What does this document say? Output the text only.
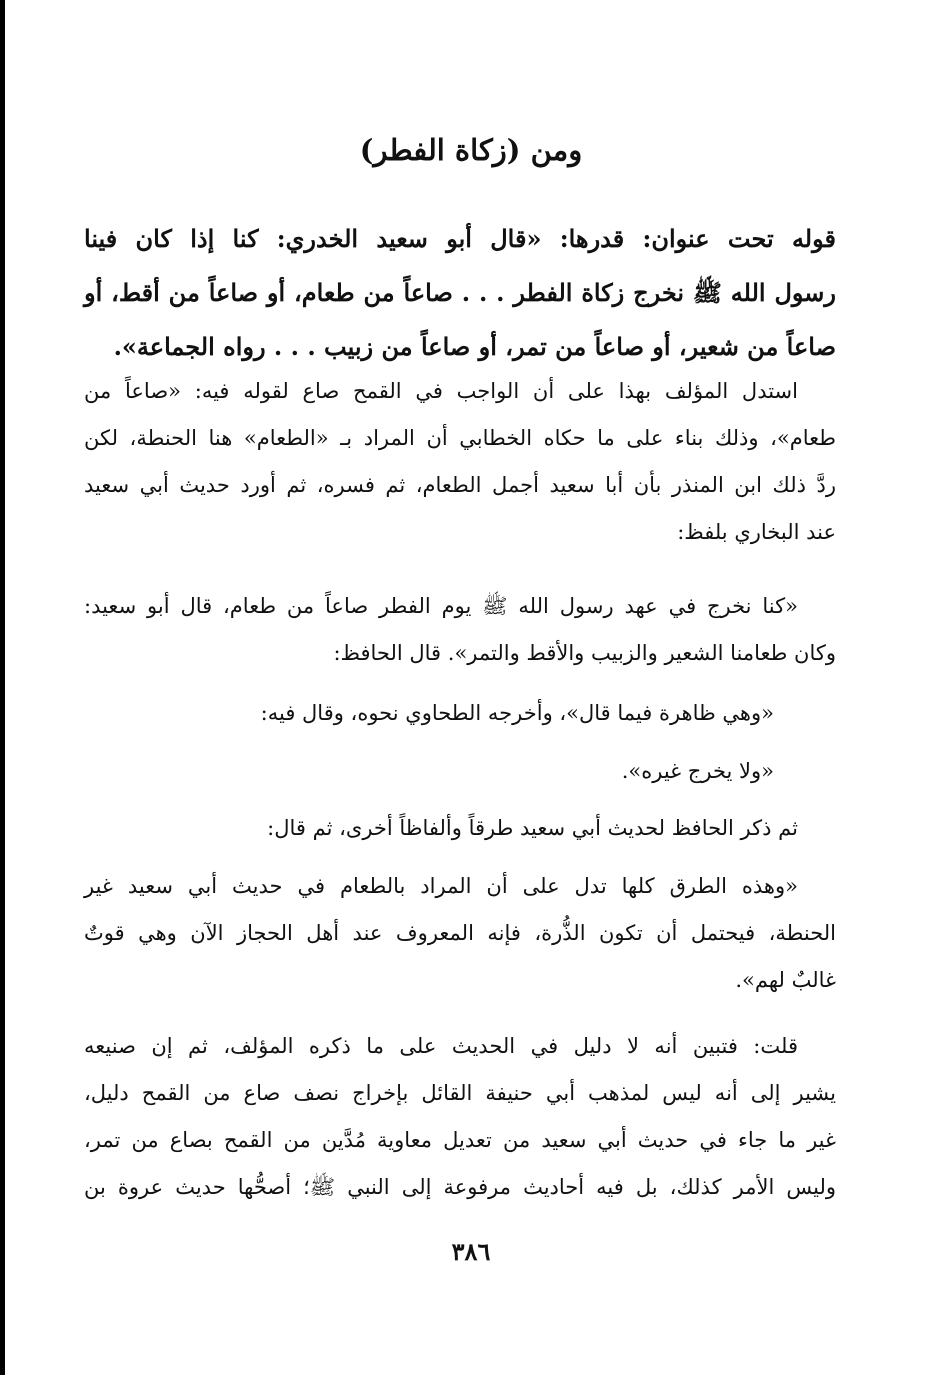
ومن (زكاة الفطر)
قوله تحت عنوان: قدرها: «قال أبو سعيد الخدري: كنا إذا كان فينا
رسول الله ﷺ نخرج زكاة الفطر . . . صاعاً من طعام، أو صاعاً من أقط، أو
صاعاً من شعير، أو صاعاً من تمر، أو صاعاً من زبيب . . . رواه الجماعة».
استدل المؤلف بهذا على أن الواجب في القمح صاع لقوله فيه: «صاعاً من
طعام»، وذلك بناء على ما حكاه الخطابي أن المراد بـ «الطعام» هنا الحنطة، لكن
ردَّ ذلك ابن المنذر بأن أبا سعيد أجمل الطعام، ثم فسره، ثم أورد حديث أبي سعيد
عند البخاري بلفظ:
«كنا نخرج في عهد رسول الله ﷺ يوم الفطر صاعاً من طعام، قال أبو سعيد:
وكان طعامنا الشعير والزبيب والأقط والتمر». قال الحافظ:
«وهي ظاهرة فيما قال»، وأخرجه الطحاوي نحوه، وقال فيه:
«ولا يخرج غيره».
ثم ذكر الحافظ لحديث أبي سعيد طرقاً وألفاظاً أخرى، ثم قال:
«وهذه الطرق كلها تدل على أن المراد بالطعام في حديث أبي سعيد غير
الحنطة، فيحتمل أن تكون الذُّرة، فإنه المعروف عند أهل الحجاز الآن وهي قوتٌ
غالبٌ لهم».
قلت: فتبين أنه لا دليل في الحديث على ما ذكره المؤلف، ثم إن صنيعه
يشير إلى أنه ليس لمذهب أبي حنيفة القائل بإخراج نصف صاع من القمح دليل،
غير ما جاء في حديث أبي سعيد من تعديل معاوية مُدَّين من القمح بصاع من تمر،
وليس الأمر كذلك، بل فيه أحاديث مرفوعة إلى النبي ﷺ؛ أصحُّها حديث عروة بن
٣٨٦
